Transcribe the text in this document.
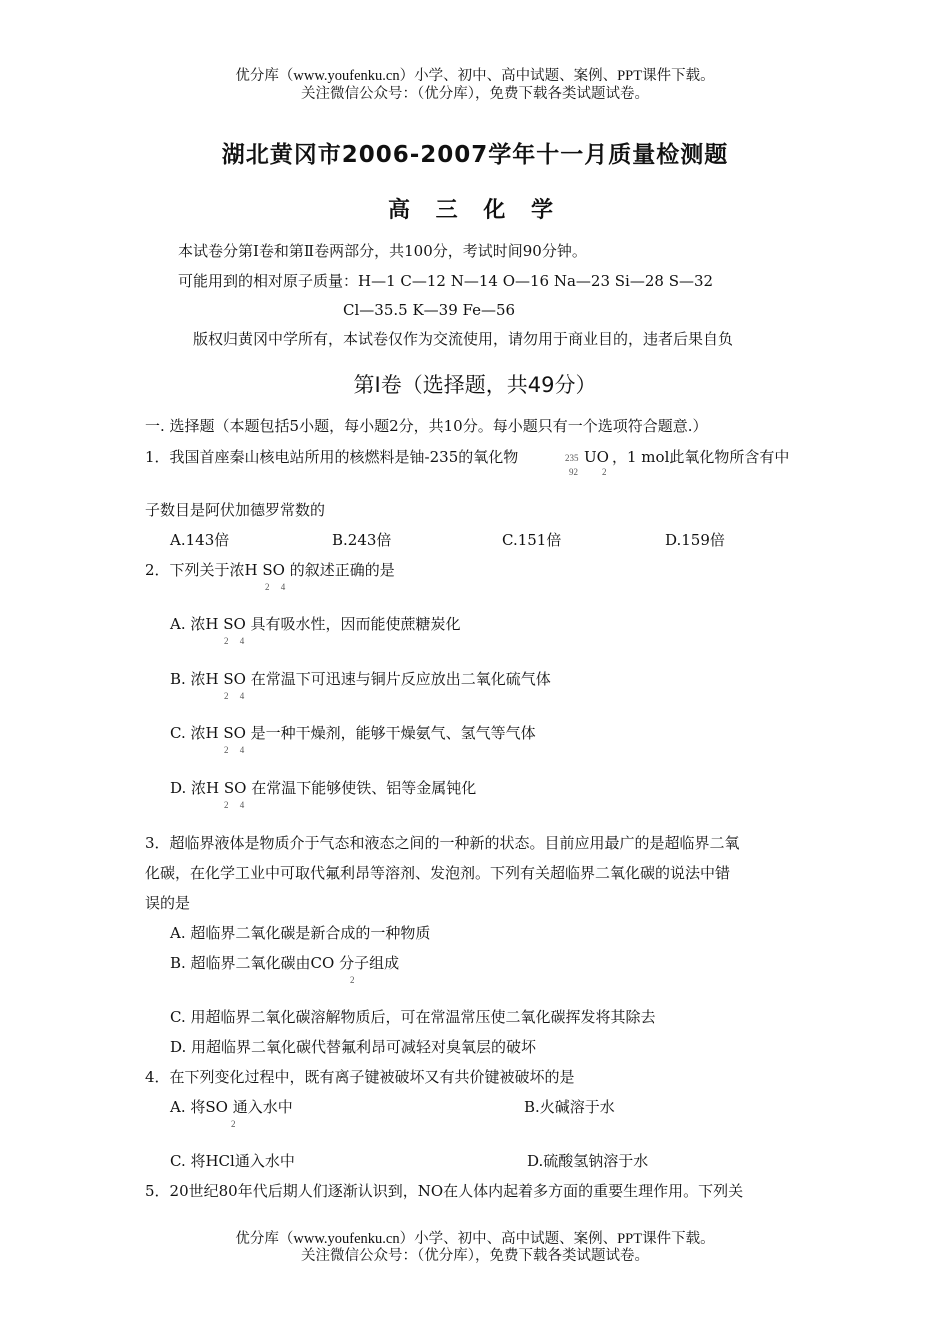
优分库（www.youfenku.cn）小学、初中、高中试题、案例、PPT课件下载。
关注微信公众号：（优分库），免费下载各类试题试卷。
湖北黄冈市2006-2007学年十一月质量检测题
高 三 化 学
本试卷分第Ⅰ卷和第Ⅱ卷两部分，共100分，考试时间90分钟。
可能用到的相对原子质量：H—1 C—12 N—14 O—16 Na—23 Si—28 S—32
Cl—35.5 K—39 Fe—56
版权归黄冈中学所有，本试卷仅作为交流使用，请勿用于商业目的，违者后果自负
第Ⅰ卷（选择题，共49分）
一. 选择题（本题包括5小题，每小题2分，共10分。每小题只有一个选项符合题意.）
1．我国首座秦山核电站所用的核燃料是铀-235的氧化物	235
92
UO
2
，1 mol此氧化物所含有中
子数目是阿伏加德罗常数的
A.143倍	B.243倍	C.151倍	D.159倍
2．下列关于浓H SO 的叙述正确的是
2     4
A. 浓H SO 具有吸水性，因而能使蔗糖炭化
2     4
B. 浓H SO 在常温下可迅速与铜片反应放出二氧化硫气体
2     4
C. 浓H SO 是一种干燥剂，能够干燥氨气、氢气等气体
2     4
D. 浓H SO 在常温下能够使铁、铝等金属钝化
2     4
3．超临界液体是物质介于气态和液态之间的一种新的状态。目前应用最广的是超临界二氧
化碳，在化学工业中可取代氟利昂等溶剂、发泡剂。下列有关超临界二氧化碳的说法中错
误的是
A. 超临界二氧化碳是新合成的一种物质
B. 超临界二氧化碳由CO 分子组成
2
C. 用超临界二氧化碳溶解物质后，可在常温常压使二氧化碳挥发将其除去
D. 用超临界二氧化碳代替氟利昂可减轻对臭氧层的破坏
4．在下列变化过程中，既有离子键被破坏又有共价键被破坏的是
A. 将SO 通入水中
2
B.火碱溶于水
C. 将HCl通入水中	D.硫酸氢钠溶于水
5．20世纪80年代后期人们逐渐认识到，NO在人体内起着多方面的重要生理作用。下列关
优分库（www.youfenku.cn）小学、初中、高中试题、案例、PPT课件下载。
关注微信公众号：（优分库），免费下载各类试题试卷。
